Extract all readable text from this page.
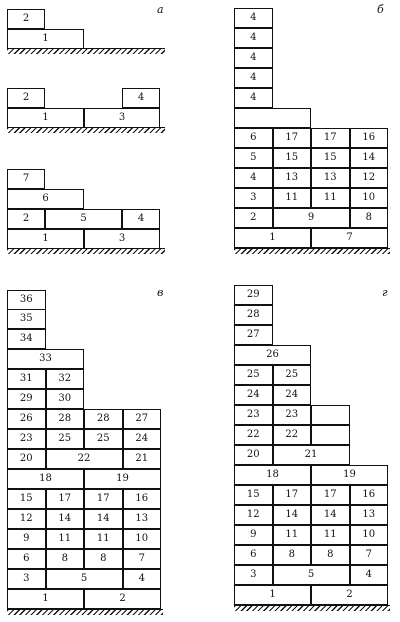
а	б
в	г
2
1
2	4
1	3
7
6
2	5	4
1	3
4
4
4
4
4
6	17	17	16
5	15	15	14
4	13	13	12
3	11	11	10
2	9	8
1	7
36
35
34
33
31	32
29	30
26	28	28	27
23	25	25	24
20	22	21
18	19
15	17	17	16
12	14	14	13
9	11	11	10
6	8	8	7
3	5	4
1	2
29
28
27
26
25	25
24	24
23	23
22	22
20	21
18	19
15	17	17	16
12	14	14	13
9	11	11	10
6	8	8	7
3	5	4
1	2
